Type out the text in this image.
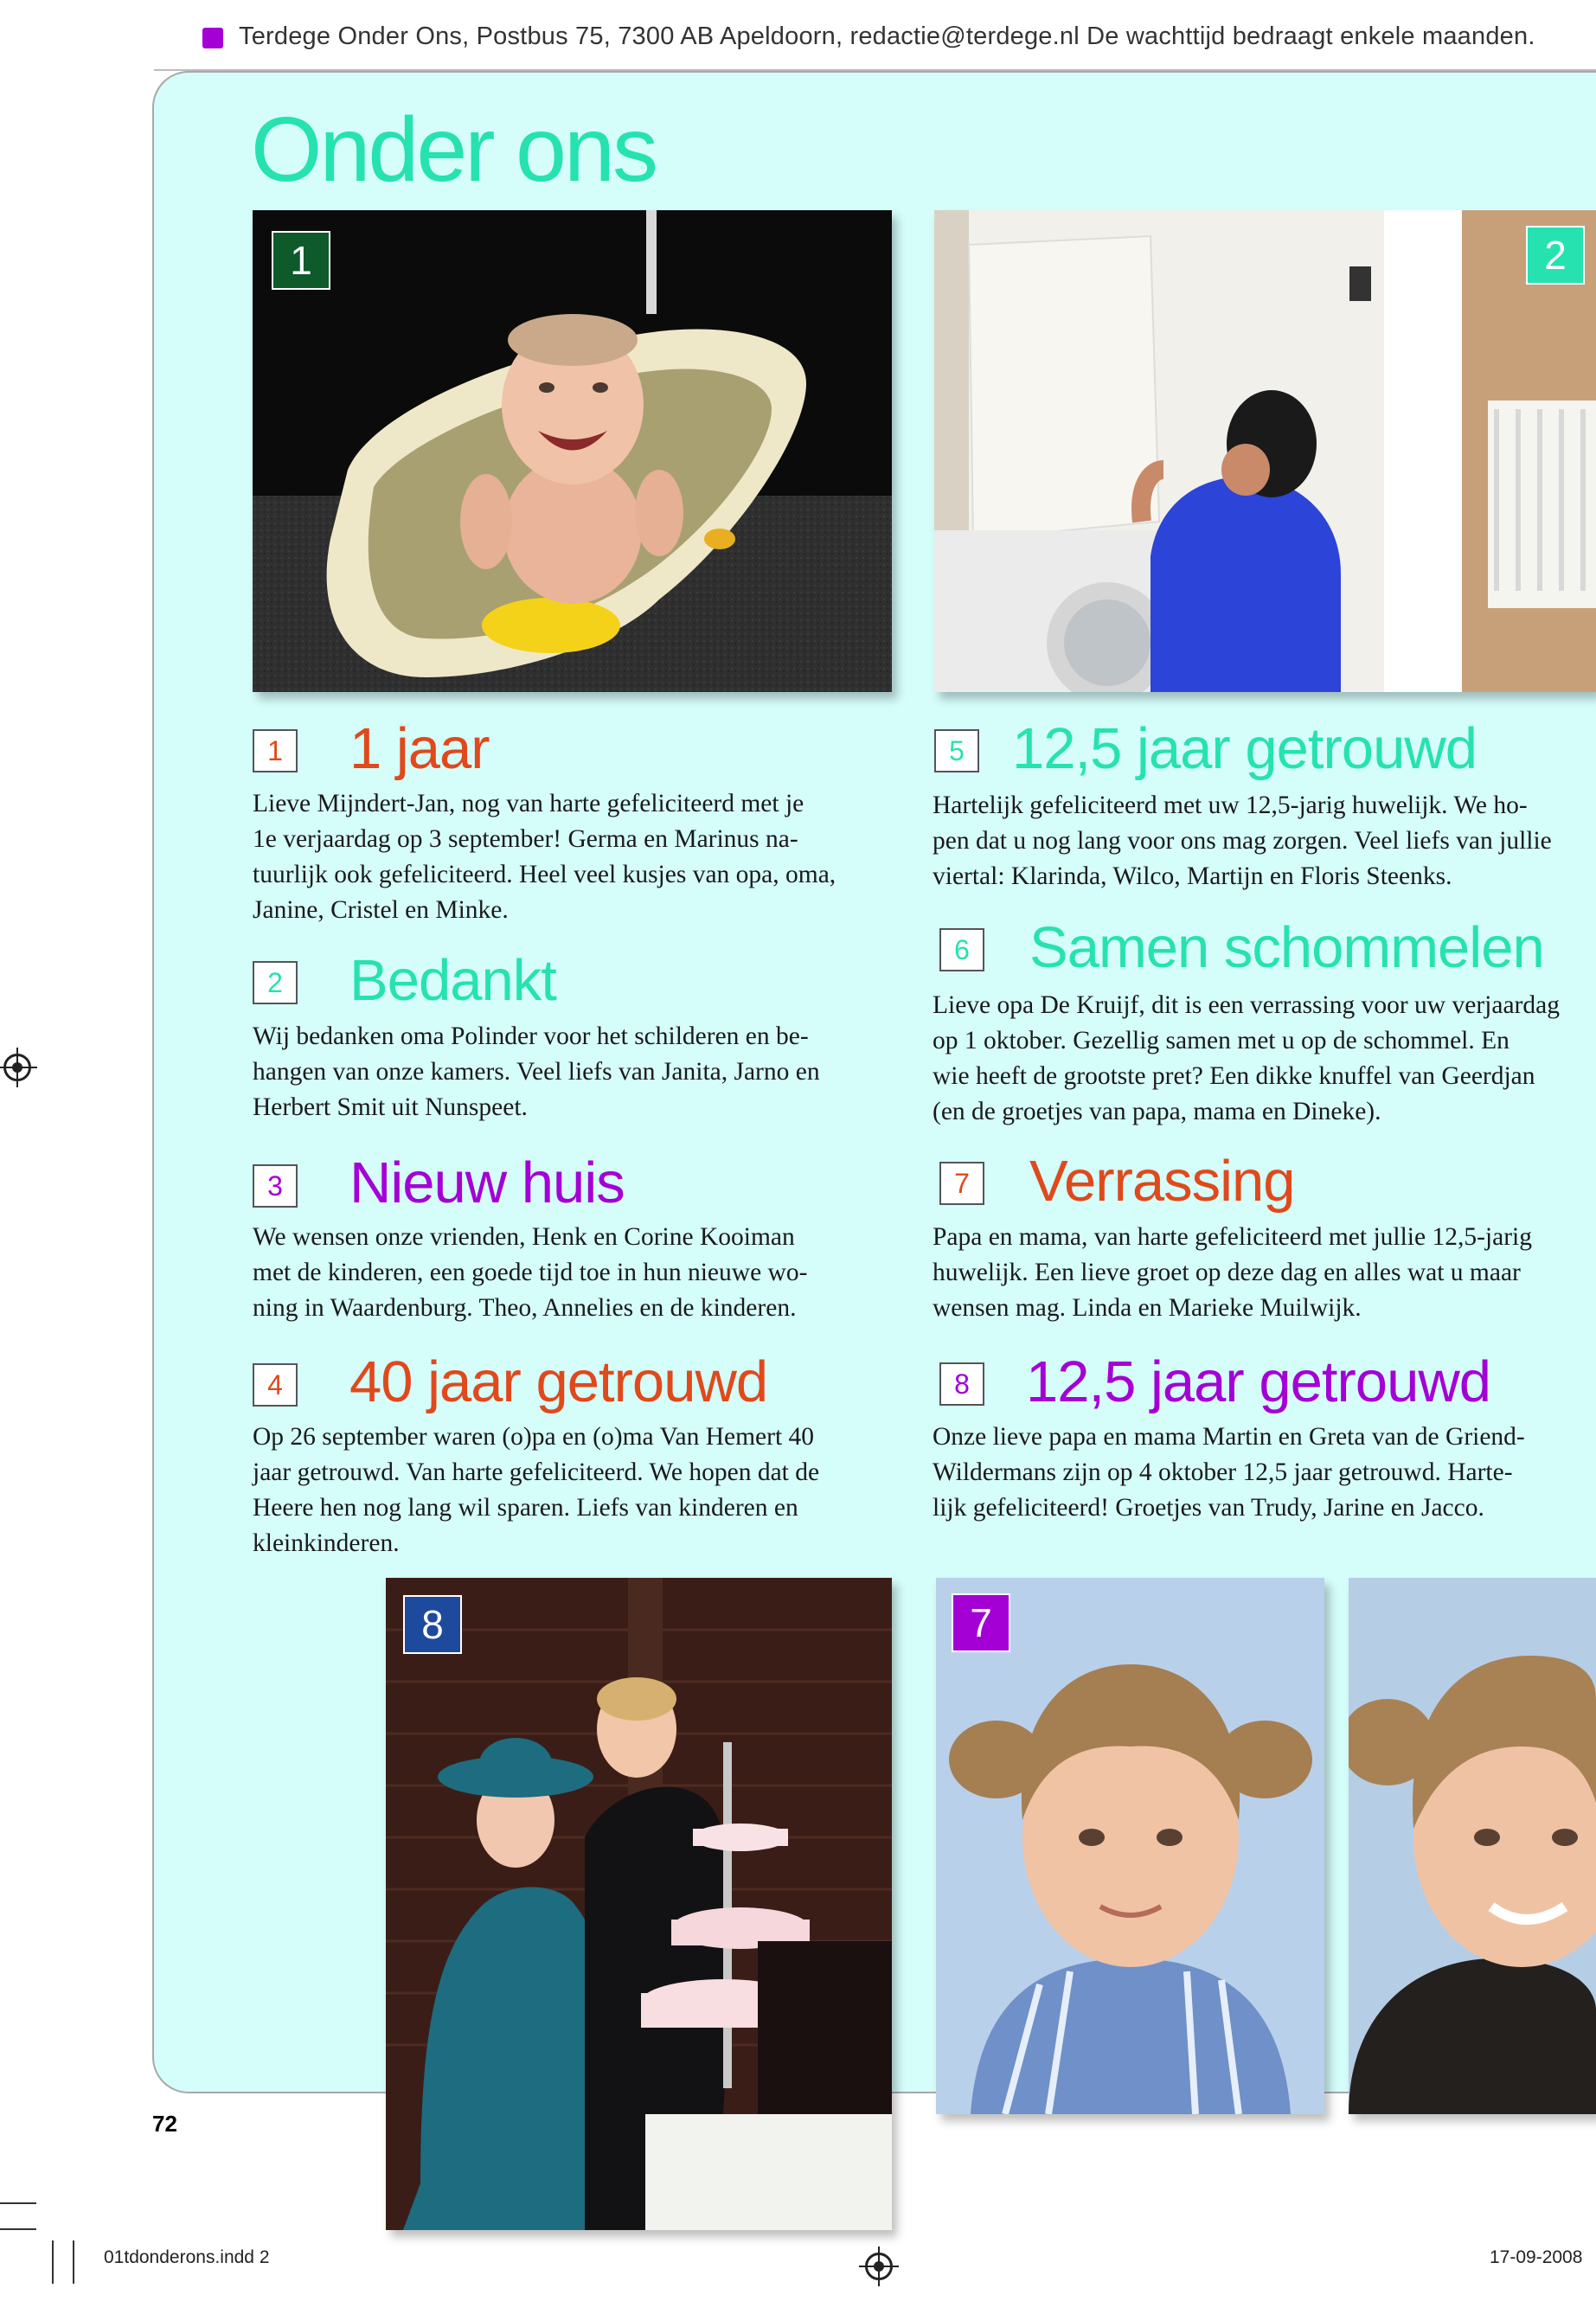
Terdege Onder Ons, Postbus 75, 7300 AB Apeldoorn, redactie@terdege.nl De wachttijd bedraagt enkele maanden.
Onder ons
1	2
1 1 jaar
Lieve Mijndert-Jan, nog van harte gefeliciteerd met je
1e verjaardag op 3 september! Germa en Marinus na-
tuurlijk ook gefeliciteerd. Heel veel kusjes van opa, oma,
Janine, Cristel en Minke.
2 Bedankt
Wij bedanken oma Polinder voor het schilderen en be-
hangen van onze kamers. Veel liefs van Janita, Jarno en
Herbert Smit uit Nunspeet.
3 Nieuw huis
We wensen onze vrienden, Henk en Corine Kooiman
met de kinderen, een goede tijd toe in hun nieuwe wo-
ning in Waardenburg. Theo, Annelies en de kinderen.
4 40 jaar getrouwd
Op 26 september waren (o)pa en (o)ma Van Hemert 40
jaar getrouwd. Van harte gefeliciteerd. We hopen dat de
Heere hen nog lang wil sparen. Liefs van kinderen en
kleinkinderen.
5 12,5 jaar getrouwd
Hartelijk gefeliciteerd met uw 12,5-jarig huwelijk. We ho-
pen dat u nog lang voor ons mag zorgen. Veel liefs van jullie
viertal: Klarinda, Wilco, Martijn en Floris Steenks.
6 Samen schommelen
Lieve opa De Kruijf, dit is een verrassing voor uw verjaardag
op 1 oktober. Gezellig samen met u op de schommel. En
wie heeft de grootste pret? Een dikke knuffel van Geerdjan
(en de groetjes van papa, mama en Dineke).
7 Verrassing
Papa en mama, van harte gefeliciteerd met jullie 12,5-jarig
huwelijk. Een lieve groet op deze dag en alles wat u maar
wensen mag. Linda en Marieke Muilwijk.
8 12,5 jaar getrouwd
Onze lieve papa en mama Martin en Greta van de Griend-
Wildermans zijn op 4 oktober 12,5 jaar getrouwd. Harte-
lijk gefeliciteerd! Groetjes van Trudy, Jarine en Jacco.
8	7
72
01tdonderons.indd 2	17-09-2008
